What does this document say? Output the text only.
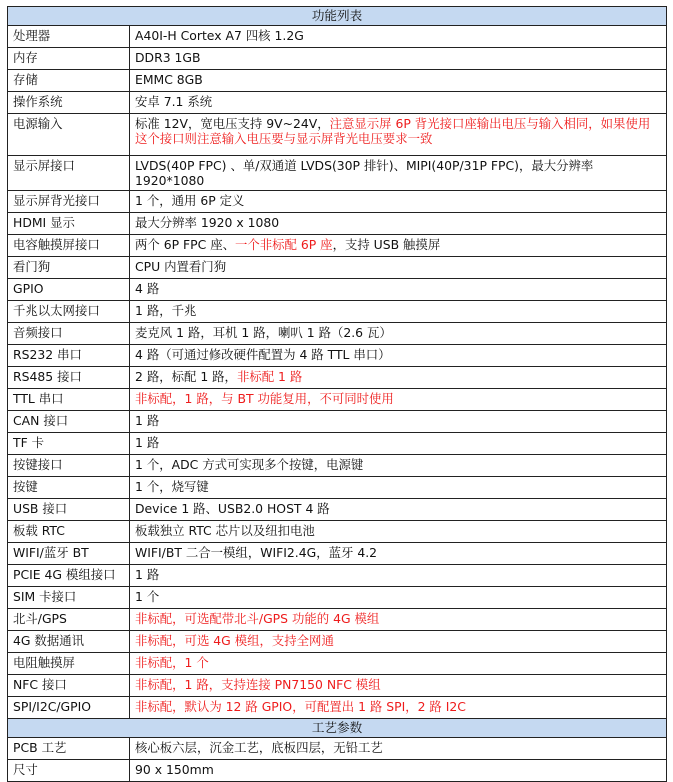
功能列表	
处理器	A40I-H Cortex A7 四核 1.2G
内存	DDR3 1GB
存储	EMMC 8GB
操作系统	安卓 7.1 系统
电源输入	标准 12V，宽电压支持 9V~24V，注意显示屏 6P 背光接口座输出电压与输入相同，如果使用这个接口则注意输入电压要与显示屏背光电压要求一致
显示屏接口	LVDS(40P FPC) 、单/双通道 LVDS(30P 排针)、MIPI(40P/31P FPC)，最大分辨率 1920*1080
显示屏背光接口	1 个，通用 6P 定义
HDMI 显示	最大分辨率 1920 x 1080
电容触摸屏接口	两个 6P FPC 座、一个非标配 6P 座，支持 USB 触摸屏
看门狗	CPU 内置看门狗
GPIO	4 路
千兆以太网接口	1 路，千兆
音频接口	麦克风 1 路，耳机 1 路，喇叭 1 路（2.6 瓦）
RS232 串口	4 路（可通过修改硬件配置为 4 路 TTL 串口）
RS485 接口	2 路，标配 1 路，非标配 1 路
TTL 串口	非标配，1 路，与 BT 功能复用，不可同时使用
CAN 接口	1 路
TF 卡	1 路
按键接口	1 个，ADC 方式可实现多个按键，电源键
按键	1 个，烧写键
USB 接口	Device 1 路、USB2.0 HOST 4 路
板载 RTC	板载独立 RTC 芯片以及纽扣电池
WIFI/蓝牙 BT	WIFI/BT 二合一模组，WIFI2.4G，蓝牙 4.2
PCIE 4G 模组接口	1 路
SIM 卡接口	1 个
北斗/GPS	非标配，可选配带北斗/GPS 功能的 4G 模组
4G 数据通讯	非标配，可选 4G 模组，支持全网通
电阻触摸屏	非标配，1 个
NFC 接口	非标配，1 路，支持连接 PN7150 NFC 模组
SPI/I2C/GPIO	非标配，默认为 12 路 GPIO，可配置出 1 路 SPI，2 路 I2C
工艺参数	
PCB 工艺	核心板六层，沉金工艺，底板四层，无铅工艺
尺寸	90 x 150mm
